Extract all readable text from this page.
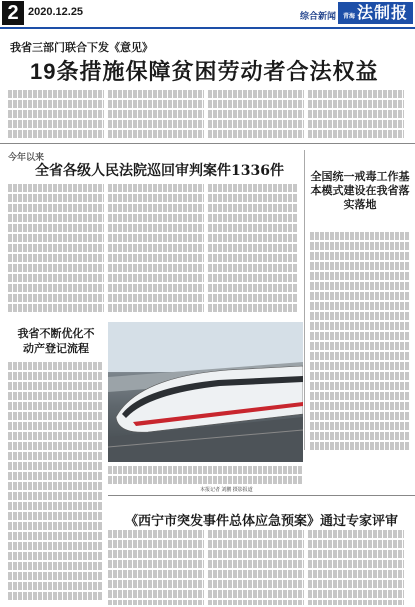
2 2020.12.25	综合新闻	青海 法制报
我省三部门联合下发《意见》
19条措施保障贫困劳动者合法权益
今年以来
全省各级人民法院巡回审判案件1336件 全国统一戒毒工作基本模式建设在我省落实落地
我省不断优化不动产登记流程
本报记者 刘鹏 摄影报道
《西宁市突发事件总体应急预案》通过专家评审
